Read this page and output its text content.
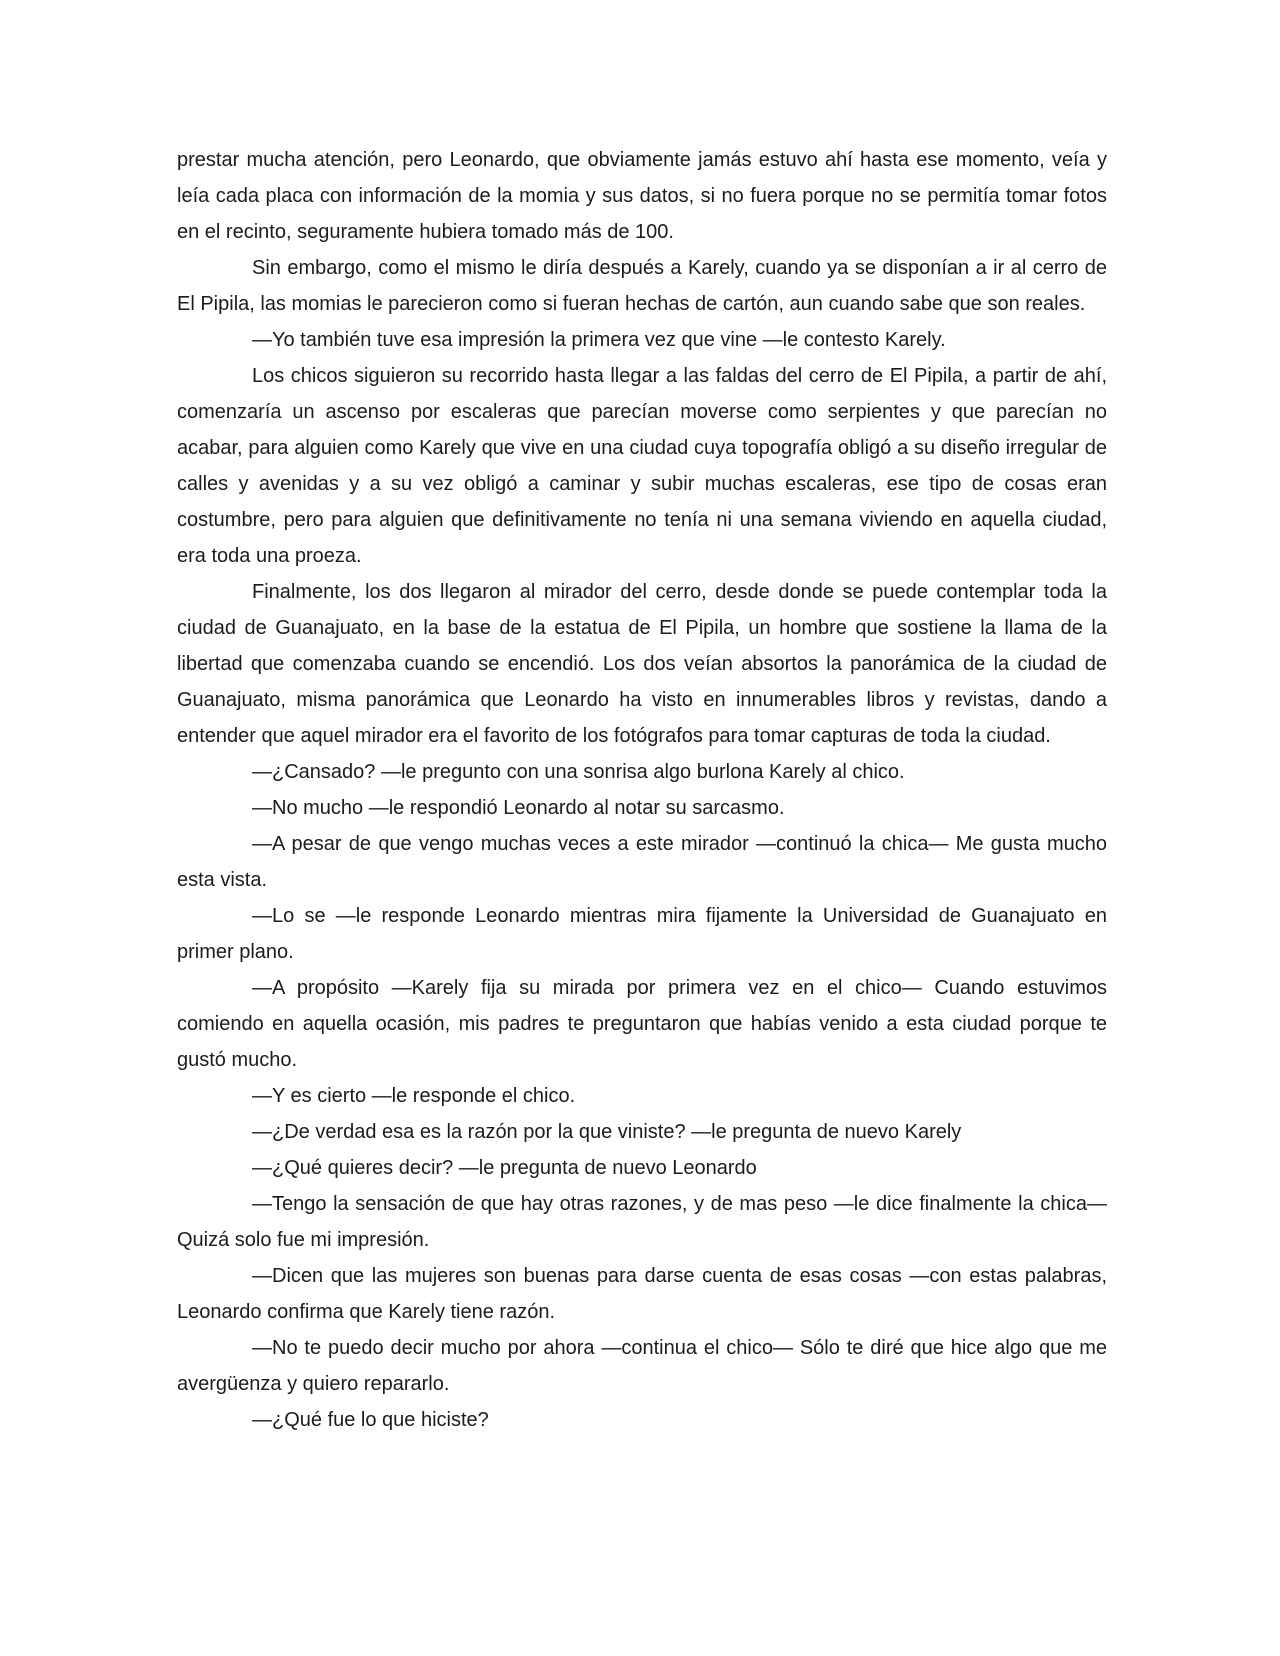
prestar mucha atención, pero Leonardo, que obviamente jamás estuvo ahí hasta ese momento, veía y leía cada placa con información de la momia y sus datos, si no fuera porque no se permitía tomar fotos en el recinto, seguramente hubiera tomado más de 100.

Sin embargo, como el mismo le diría después a Karely, cuando ya se disponían a ir al cerro de El Pipila, las momias le parecieron como si fueran hechas de cartón, aun cuando sabe que son reales.

—Yo también tuve esa impresión la primera vez que vine —le contesto Karely.

Los chicos siguieron su recorrido hasta llegar a las faldas del cerro de El Pipila, a partir de ahí, comenzaría un ascenso por escaleras que parecían moverse como serpientes y que parecían no acabar, para alguien como Karely que vive en una ciudad cuya topografía obligó a su diseño irregular de calles y avenidas y a su vez obligó a caminar y subir muchas escaleras, ese tipo de cosas eran costumbre, pero para alguien que definitivamente no tenía ni una semana viviendo en aquella ciudad, era toda una proeza.

Finalmente, los dos llegaron al mirador del cerro, desde donde se puede contemplar toda la ciudad de Guanajuato, en la base de la estatua de El Pipila, un hombre que sostiene la llama de la libertad que comenzaba cuando se encendió. Los dos veían absortos la panorámica de la ciudad de Guanajuato, misma panorámica que Leonardo ha visto en innumerables libros y revistas, dando a entender que aquel mirador era el favorito de los fotógrafos para tomar capturas de toda la ciudad.

—¿Cansado? —le pregunto con una sonrisa algo burlona Karely al chico.

—No mucho —le respondió Leonardo al notar su sarcasmo.

—A pesar de que vengo muchas veces a este mirador —continuó la chica— Me gusta mucho esta vista.

—Lo se —le responde Leonardo mientras mira fijamente la Universidad de Guanajuato en primer plano.

—A propósito —Karely fija su mirada por primera vez en el chico— Cuando estuvimos comiendo en aquella ocasión, mis padres te preguntaron que habías venido a esta ciudad porque te gustó mucho.

—Y es cierto —le responde el chico.

—¿De verdad esa es la razón por la que viniste? —le pregunta de nuevo Karely

—¿Qué quieres decir? —le pregunta de nuevo Leonardo

—Tengo la sensación de que hay otras razones, y de mas peso —le dice finalmente la chica— Quizá solo fue mi impresión.

—Dicen que las mujeres son buenas para darse cuenta de esas cosas —con estas palabras, Leonardo confirma que Karely tiene razón.

—No te puedo decir mucho por ahora —continua el chico— Sólo te diré que hice algo que me avergüenza y quiero repararlo.

—¿Qué fue lo que hiciste?
